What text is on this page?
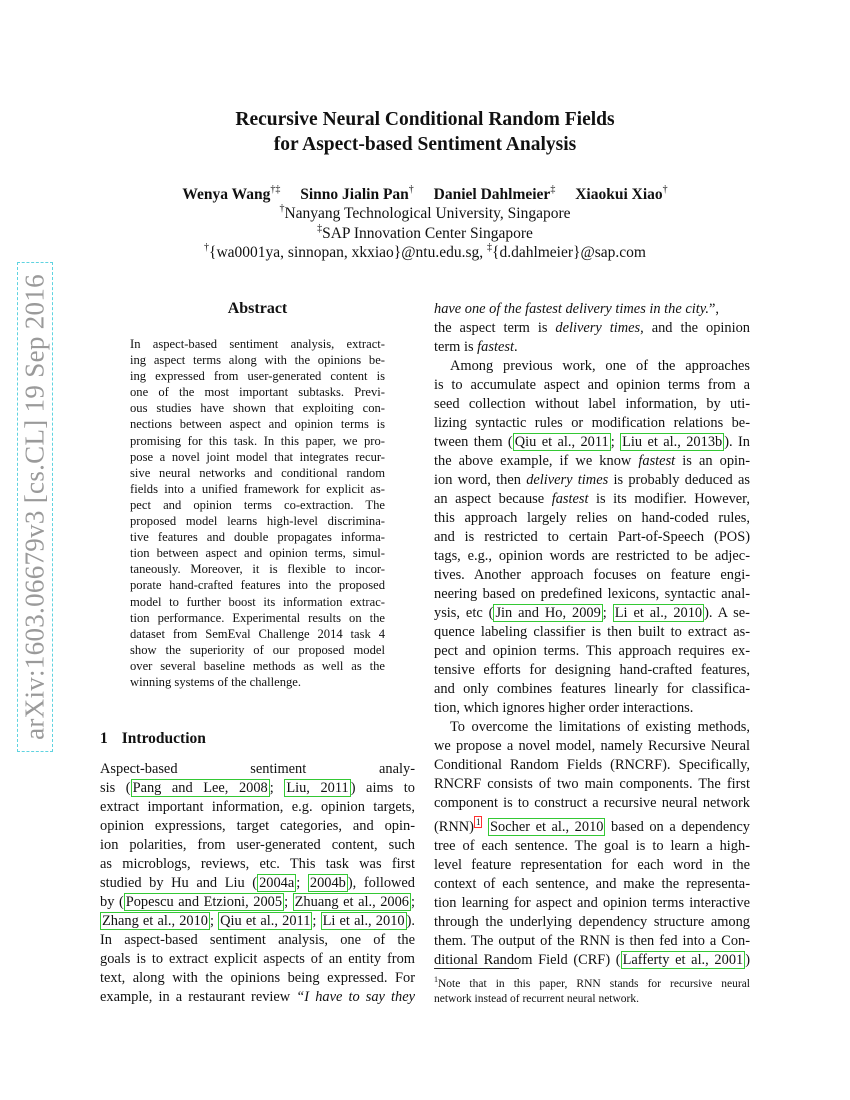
Recursive Neural Conditional Random Fields
for Aspect-based Sentiment Analysis
Wenya Wang†‡ Sinno Jialin Pan† Daniel Dahlmeier‡ Xiaokui Xiao†
†Nanyang Technological University, Singapore
‡SAP Innovation Center Singapore
†{wa0001ya, sinnopan, xkxiao}@ntu.edu.sg, ‡{d.dahlmeier}@sap.com
arXiv:1603.06679v3 [cs.CL] 19 Sep 2016	Abstract
In aspect-based sentiment analysis, extract-
ing aspect terms along with the opinions be-
ing expressed from user-generated content is
one of the most important subtasks. Previ-
ous studies have shown that exploiting con-
nections between aspect and opinion terms is
promising for this task. In this paper, we pro-
pose a novel joint model that integrates recur-
sive neural networks and conditional random
fields into a unified framework for explicit as-
pect and opinion terms co-extraction. The
proposed model learns high-level discrimina-
tive features and double propagates informa-
tion between aspect and opinion terms, simul-
taneously. Moreover, it is flexible to incor-
porate hand-crafted features into the proposed
model to further boost its information extrac-
tion performance. Experimental results on the
dataset from SemEval Challenge 2014 task 4
show the superiority of our proposed model
over several baseline methods as well as the
winning systems of the challenge.
1 Introduction
Aspect-based	sentiment	analy-
sis ( Pang and Lee, 2008 ; Liu, 2011 ) aims to
extract important information, e.g. opinion targets,
opinion expressions, target categories, and opin-
ion polarities, from user-generated content, such
as microblogs, reviews, etc. This task was first
studied by Hu and Liu ( 2004a ; 2004b ), followed
by ( Popescu and Etzioni, 2005 ; Zhuang et al., 2006 ;
Zhang et al., 2010 ; Qiu et al., 2011 ; Li et al., 2010 ).
In aspect-based sentiment analysis, one of the
goals is to extract explicit aspects of an entity from
text, along with the opinions being expressed. For
example, in a restaurant review “I have to say they
have one of the fastest delivery times in the city.”,
the aspect term is delivery times, and the opinion
term is fastest.
Among previous work, one of the approaches
is to accumulate aspect and opinion terms from a
seed collection without label information, by uti-
lizing syntactic rules or modification relations be-
tween them ( Qiu et al., 2011 ; Liu et al., 2013b ). In
the above example, if we know fastest is an opin-
ion word, then delivery times is probably deduced as
an aspect because fastest is its modifier. However,
this approach largely relies on hand-coded rules,
and is restricted to certain Part-of-Speech (POS)
tags, e.g., opinion words are restricted to be adjec-
tives. Another approach focuses on feature engi-
neering based on predefined lexicons, syntactic anal-
ysis, etc ( Jin and Ho, 2009 ; Li et al., 2010 ). A se-
quence labeling classifier is then built to extract as-
pect and opinion terms. This approach requires ex-
tensive efforts for designing hand-crafted features,
and only combines features linearly for classifica-
tion, which ignores higher order interactions.
To overcome the limitations of existing methods,
we propose a novel model, namely Recursive Neural
Conditional Random Fields (RNCRF). Specifically,
RNCRF consists of two main components. The first
component is to construct a recursive neural network
(RNN) $^1$ Socher et al., 2010 based on a dependency
tree of each sentence. The goal is to learn a high-
level feature representation for each word in the
context of each sentence, and make the representa-
tion learning for aspect and opinion terms interactive
through the underlying dependency structure among
them. The output of the RNN is then fed into a Con-
ditional Random Field (CRF) ( Lafferty et al., 2001 )
$^1$Note that in this paper, RNN stands for recursive neural
network instead of recurrent neural network.
